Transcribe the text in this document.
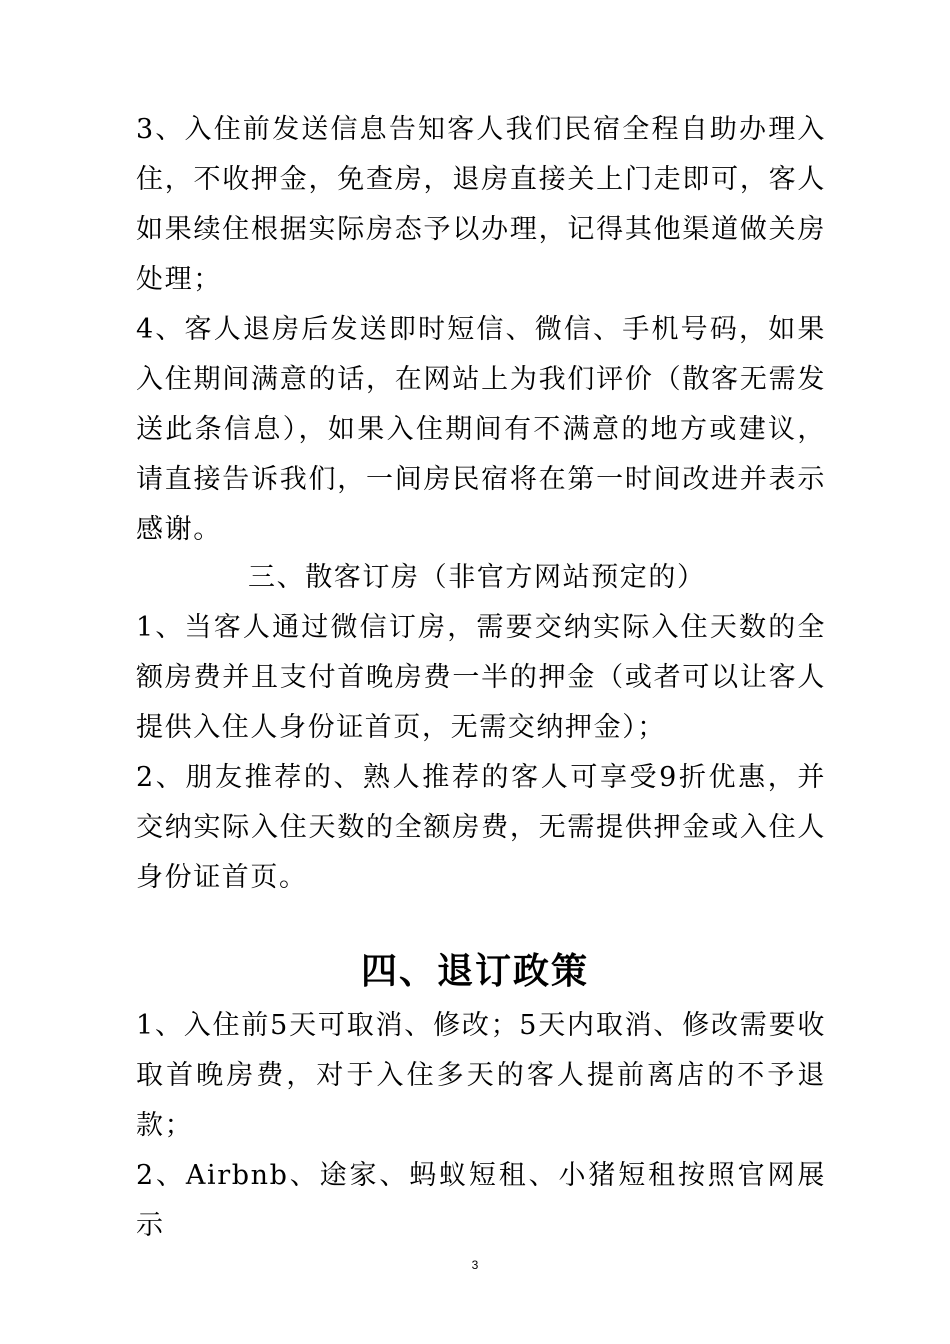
3、入住前发送信息告知客人我们民宿全程自助办理入住，不收押金，免查房，退房直接关上门走即可，客人如果续住根据实际房态予以办理，记得其他渠道做关房处理；

4、客人退房后发送即时短信、微信、手机号码，如果入住期间满意的话，在网站上为我们评价（散客无需发送此条信息），如果入住期间有不满意的地方或建议，请直接告诉我们，一间房民宿将在第一时间改进并表示感谢。

三、散客订房（非官方网站预定的）

1、当客人通过微信订房，需要交纳实际入住天数的全额房费并且支付首晚房费一半的押金（或者可以让客人提供入住人身份证首页，无需交纳押金）；

2、朋友推荐的、熟人推荐的客人可享受9折优惠，并交纳实际入住天数的全额房费，无需提供押金或入住人身份证首页。

四、退订政策

1、入住前5天可取消、修改；5天内取消、修改需要收取首晚房费，对于入住多天的客人提前离店的不予退款；

2、Airbnb、途家、蚂蚁短租、小猪短租按照官网展示

3
